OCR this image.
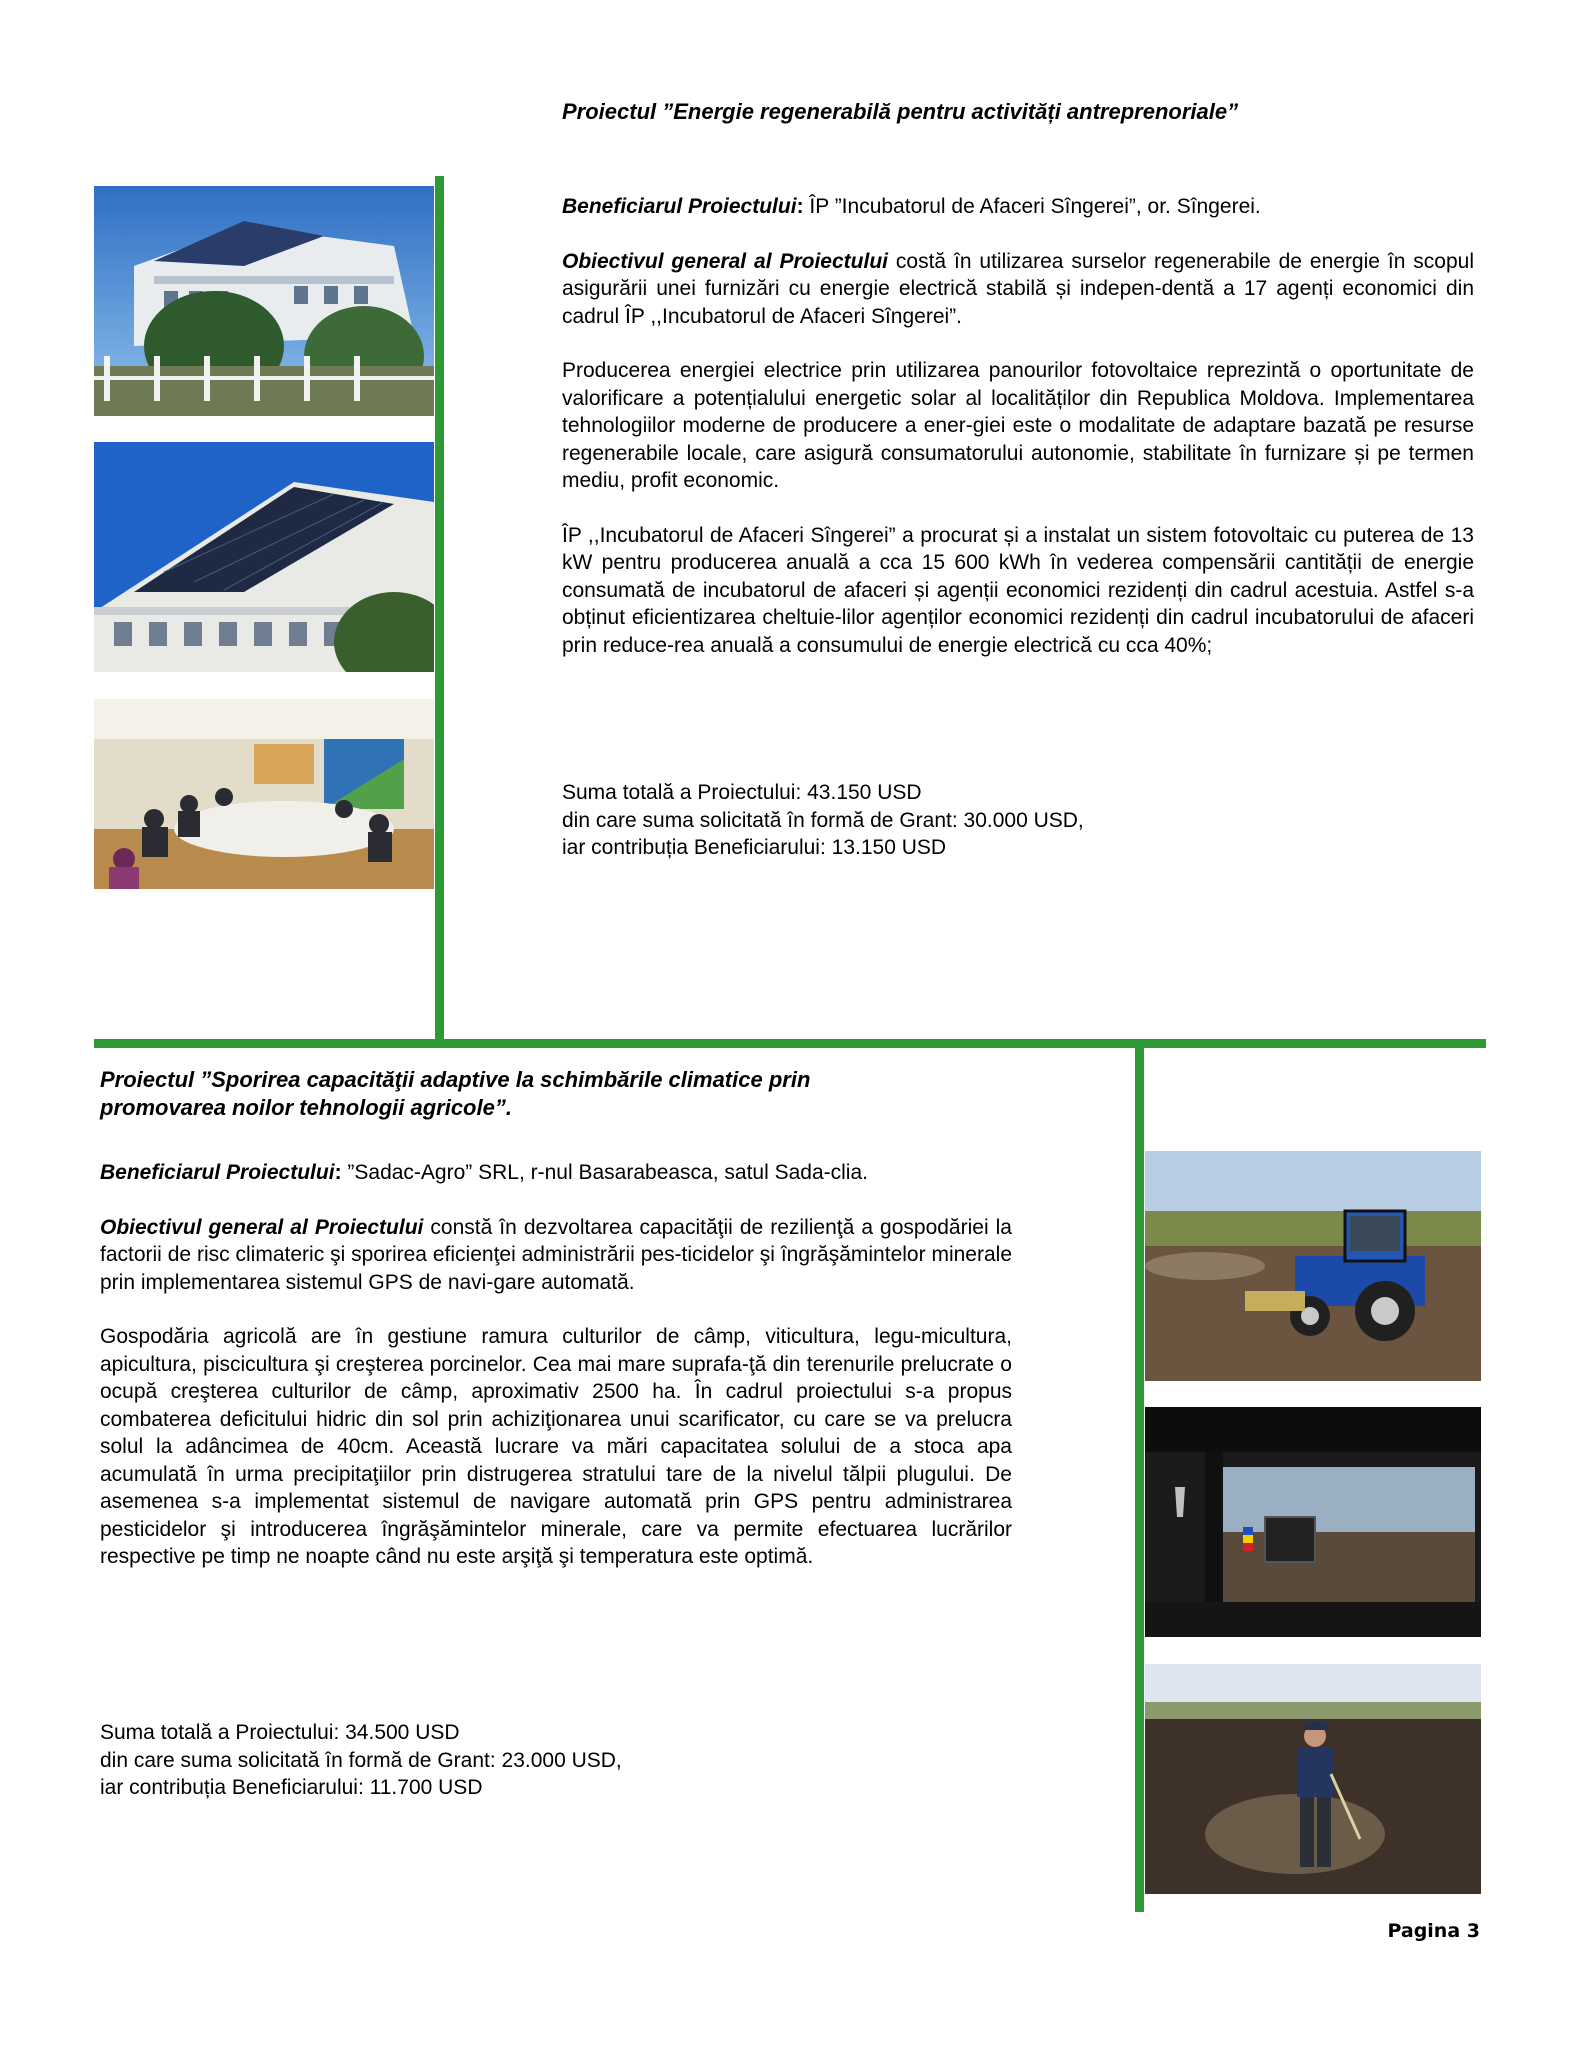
Proiectul ”Energie regenerabilă pentru activități antreprenoriale”

Beneficiarul Proiectului: ÎP ”Incubatorul de Afaceri Sîngerei”, or. Sîngerei.

Obiectivul general al Proiectului costă în utilizarea surselor regenerabile de energie în scopul asigurării unei furnizări cu energie electrică stabilă și indepen-dentă a 17 agenți economici din cadrul ÎP ,,Incubatorul de Afaceri Sîngerei”.

Producerea energiei electrice prin utilizarea panourilor fotovoltaice reprezintă o oportunitate de valorificare a potențialului energetic solar al localităților din Republica Moldova. Implementarea tehnologiilor moderne de producere a ener-giei este o modalitate de adaptare bazată pe resurse regenerabile locale, care asigură consumatorului autonomie, stabilitate în furnizare și pe termen mediu, profit economic.

ÎP ,,Incubatorul de Afaceri Sîngerei” a procurat și a instalat un sistem fotovoltaic cu puterea de 13 kW pentru producerea anuală a cca 15 600 kWh în vederea compensării cantității de energie consumată de incubatorul de afaceri și agenții economici rezidenți din cadrul acestuia. Astfel s-a obținut eficientizarea cheltuie-lilor agenților economici rezidenți din cadrul incubatorului de afaceri prin reduce-rea anuală a consumului de energie electrică cu cca 40%;

Suma totală a Proiectului: 43.150 USD

din care suma solicitată în formă de Grant: 30.000 USD,

iar contribuția Beneficiarului: 13.150 USD

Proiectul ”Sporirea capacităţii adaptive la schimbările climatice prin
promovarea noilor tehnologii agricole”.

Beneficiarul Proiectului: ”Sadac-Agro” SRL, r-nul Basarabeasca, satul Sada-clia.

Obiectivul general al Proiectului constă în dezvoltarea capacităţii de rezilienţă a gospodăriei la factorii de risc climateric şi sporirea eficienţei administrării pes-ticidelor şi îngrăşămintelor minerale prin implementarea sistemul GPS de navi-gare automată.

Gospodăria agricolă are în gestiune ramura culturilor de câmp, viticultura, legu-micultura, apicultura, piscicultura şi creşterea porcinelor. Cea mai mare suprafa-ţă din terenurile prelucrate o ocupă creşterea culturilor de câmp, aproximativ 2500 ha. În cadrul proiectului s-a propus combaterea deficitului hidric din sol prin achiziţionarea unui scarificator, cu care se va prelucra solul la adâncimea de 40cm. Această lucrare va mări capacitatea solului de a stoca apa acumulată în urma precipitaţiilor prin distrugerea stratului tare de la nivelul tălpii plugului. De asemenea s-a implementat sistemul de navigare automată prin GPS pentru administrarea pesticidelor şi introducerea îngrăşămintelor minerale, care va permite efectuarea lucrărilor respective pe timp ne noapte când nu este arşiţă şi temperatura este optimă.

Suma totală a Proiectului: 34.500 USD

din care suma solicitată în formă de Grant: 23.000 USD,

iar contribuția Beneficiarului: 11.700 USD

Pagina 3
